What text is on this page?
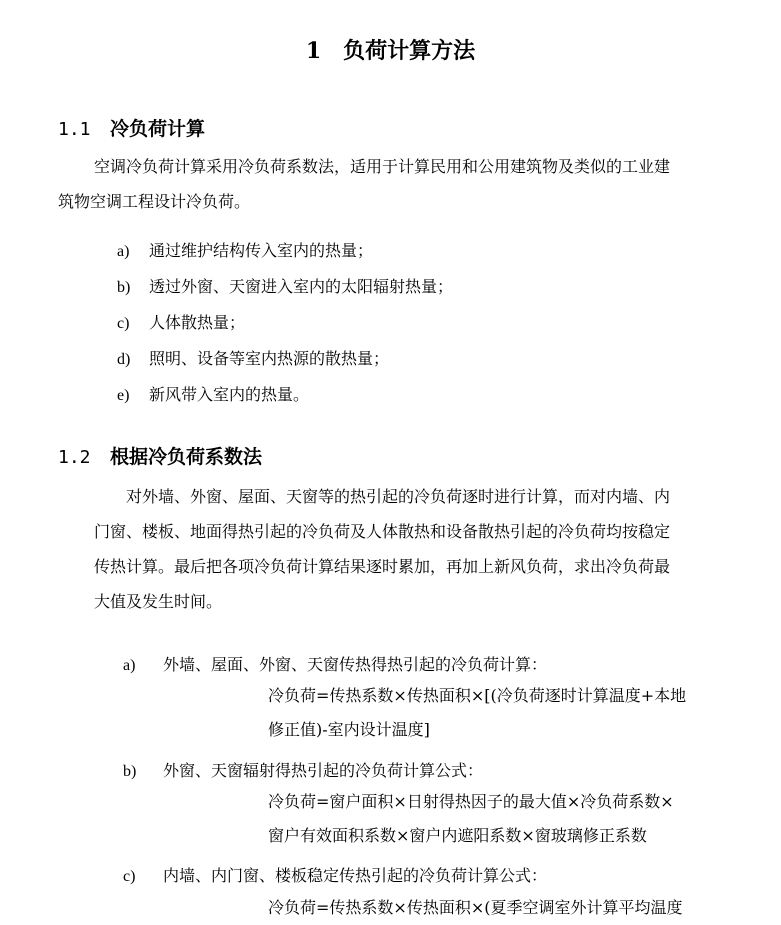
1 负荷计算方法
1.1 冷负荷计算
空调冷负荷计算采用冷负荷系数法，适用于计算民用和公用建筑物及类似的工业建
筑物空调工程设计冷负荷。
a) 通过维护结构传入室内的热量；
b) 透过外窗、天窗进入室内的太阳辐射热量；
c) 人体散热量；
d) 照明、设备等室内热源的散热量；
e) 新风带入室内的热量。
1.2 根据冷负荷系数法
对外墙、外窗、屋面、天窗等的热引起的冷负荷逐时进行计算，而对内墙、内
门窗、楼板、地面得热引起的冷负荷及人体散热和设备散热引起的冷负荷均按稳定
传热计算。最后把各项冷负荷计算结果逐时累加，再加上新风负荷，求出冷负荷最
大值及发生时间。
a) 外墙、屋面、外窗、天窗传热得热引起的冷负荷计算：
冷负荷=传热系数×传热面积×[(冷负荷逐时计算温度+本地
修正值)-室内设计温度]
b) 外窗、天窗辐射得热引起的冷负荷计算公式：
冷负荷=窗户面积×日射得热因子的最大值×冷负荷系数×
窗户有效面积系数×窗户内遮阳系数×窗玻璃修正系数
c) 内墙、内门窗、楼板稳定传热引起的冷负荷计算公式：
冷负荷=传热系数×传热面积×(夏季空调室外计算平均温度
